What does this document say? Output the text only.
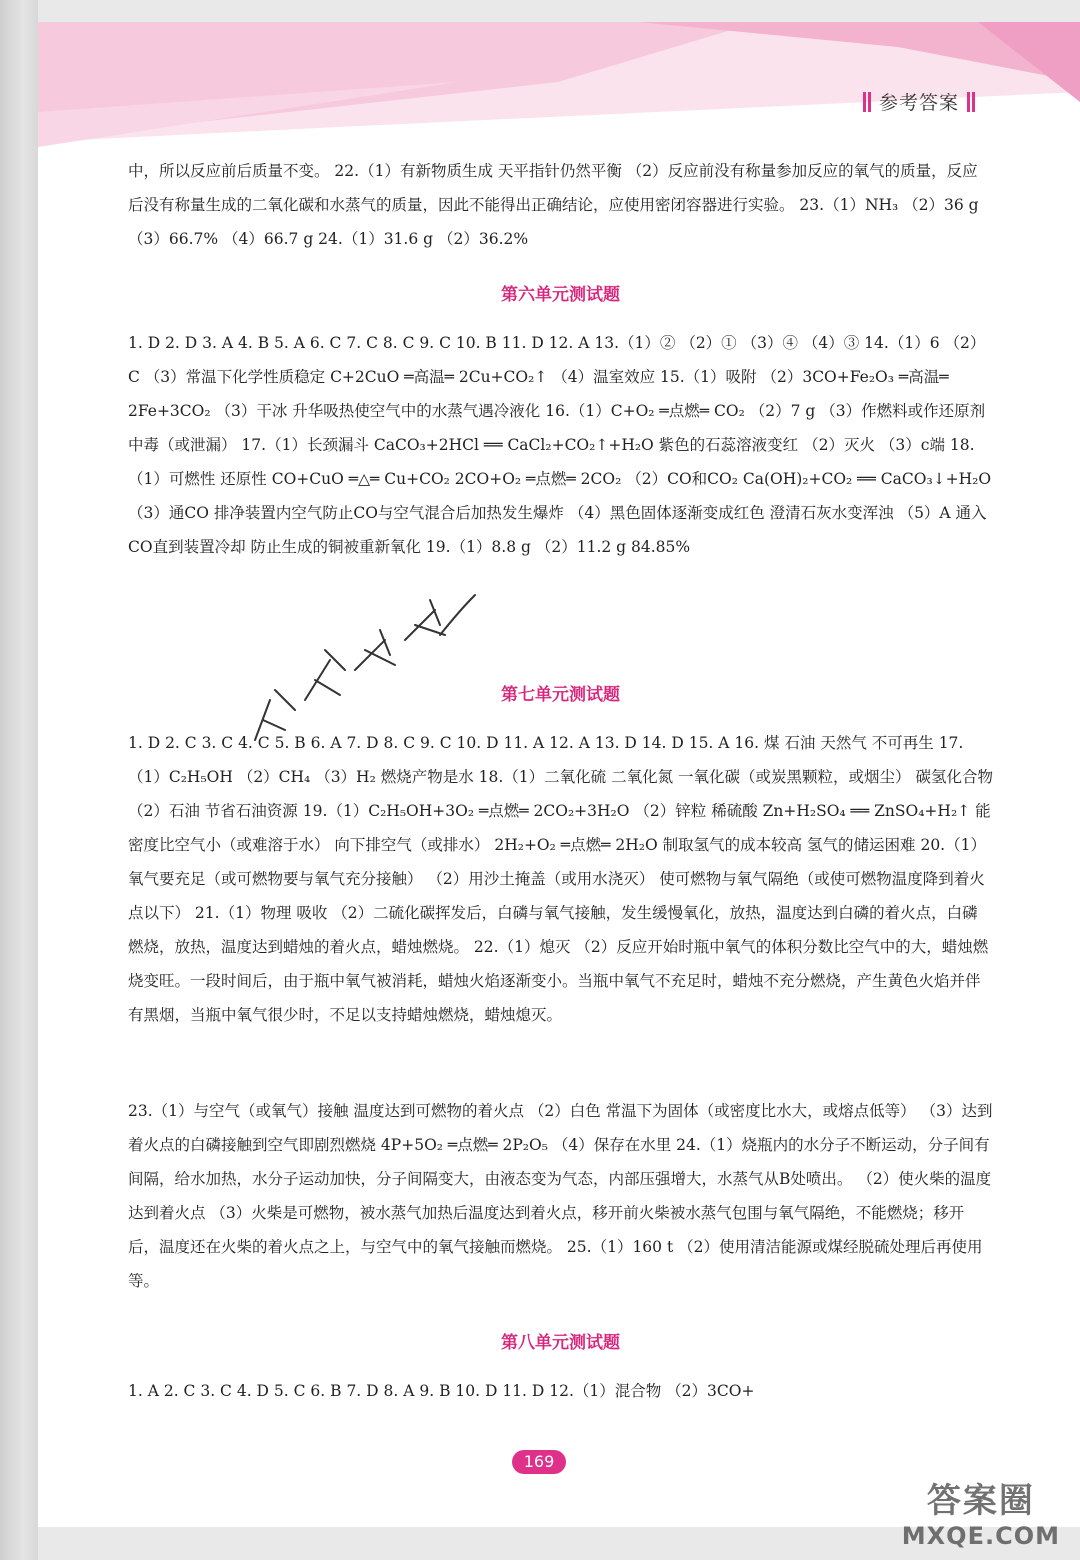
参考答案
中，所以反应前后质量不变。 22.（1）有新物质生成 天平指针仍然平衡 （2）反应前没有称量参加反应的氧气的质量，反应后没有称量生成的二氧化碳和水蒸气的质量，因此不能得出正确结论，应使用密闭容器进行实验。 23.（1）NH₃ （2）36 g （3）66.7% （4）66.7 g 24.（1）31.6 g （2）36.2%
第六单元测试题
1. D 2. D 3. A 4. B 5. A 6. C 7. C 8. C 9. C 10. B 11. D 12. A 13.（1）② （2）① （3）④ （4）③ 14.（1）6 （2）C （3）常温下化学性质稳定 C+2CuO ═高温═ 2Cu+CO₂↑ （4）温室效应 15.（1）吸附 （2）3CO+Fe₂O₃ ═高温═ 2Fe+3CO₂ （3）干冰 升华吸热使空气中的水蒸气遇冷液化 16.（1）C+O₂ ═点燃═ CO₂ （2）7 g （3）作燃料或作还原剂 中毒（或泄漏） 17.（1）长颈漏斗 CaCO₃+2HCl ══ CaCl₂+CO₂↑+H₂O 紫色的石蕊溶液变红 （2）灭火 （3）c端 18.（1）可燃性 还原性 CO+CuO ═△═ Cu+CO₂ 2CO+O₂ ═点燃═ 2CO₂ （2）CO和CO₂ Ca(OH)₂+CO₂ ══ CaCO₃↓+H₂O （3）通CO 排净装置内空气防止CO与空气混合后加热发生爆炸 （4）黑色固体逐渐变成红色 澄清石灰水变浑浊 （5）A 通入CO直到装置冷却 防止生成的铜被重新氧化 19.（1）8.8 g （2）11.2 g 84.85%
第七单元测试题
1. D 2. C 3. C 4. C 5. B 6. A 7. D 8. C 9. C 10. D 11. A 12. A 13. D 14. D 15. A 16. 煤 石油 天然气 不可再生 17.（1）C₂H₅OH （2）CH₄ （3）H₂ 燃烧产物是水 18.（1）二氧化硫 二氧化氮 一氧化碳（或炭黑颗粒，或烟尘） 碳氢化合物 （2）石油 节省石油资源 19.（1）C₂H₅OH+3O₂ ═点燃═ 2CO₂+3H₂O （2）锌粒 稀硫酸 Zn+H₂SO₄ ══ ZnSO₄+H₂↑ 能 密度比空气小（或难溶于水） 向下排空气（或排水） 2H₂+O₂ ═点燃═ 2H₂O 制取氢气的成本较高 氢气的储运困难 20.（1）氧气要充足（或可燃物要与氧气充分接触） （2）用沙土掩盖（或用水浇灭） 使可燃物与氧气隔绝（或使可燃物温度降到着火点以下） 21.（1）物理 吸收 （2）二硫化碳挥发后，白磷与氧气接触，发生缓慢氧化，放热，温度达到白磷的着火点，白磷燃烧，放热，温度达到蜡烛的着火点，蜡烛燃烧。 22.（1）熄灭 （2）反应开始时瓶中氧气的体积分数比空气中的大，蜡烛燃烧变旺。一段时间后，由于瓶中氧气被消耗，蜡烛火焰逐渐变小。当瓶中氧气不充足时，蜡烛不充分燃烧，产生黄色火焰并伴有黑烟，当瓶中氧气很少时，不足以支持蜡烛燃烧，蜡烛熄灭。
23.（1）与空气（或氧气）接触 温度达到可燃物的着火点 （2）白色 常温下为固体（或密度比水大，或熔点低等） （3）达到着火点的白磷接触到空气即剧烈燃烧 4P+5O₂ ═点燃═ 2P₂O₅ （4）保存在水里 24.（1）烧瓶内的水分子不断运动，分子间有间隔，给水加热，水分子运动加快，分子间隔变大，由液态变为气态，内部压强增大，水蒸气从B处喷出。 （2）使火柴的温度达到着火点 （3）火柴是可燃物，被水蒸气加热后温度达到着火点，移开前火柴被水蒸气包围与氧气隔绝，不能燃烧；移开后，温度还在火柴的着火点之上，与空气中的氧气接触而燃烧。 25.（1）160 t （2）使用清洁能源或煤经脱硫处理后再使用等。
第八单元测试题
1. A 2. C 3. C 4. D 5. C 6. B 7. D 8. A 9. B 10. D 11. D 12.（1）混合物 （2）3CO+
169
答案圈
MXQE.COM
